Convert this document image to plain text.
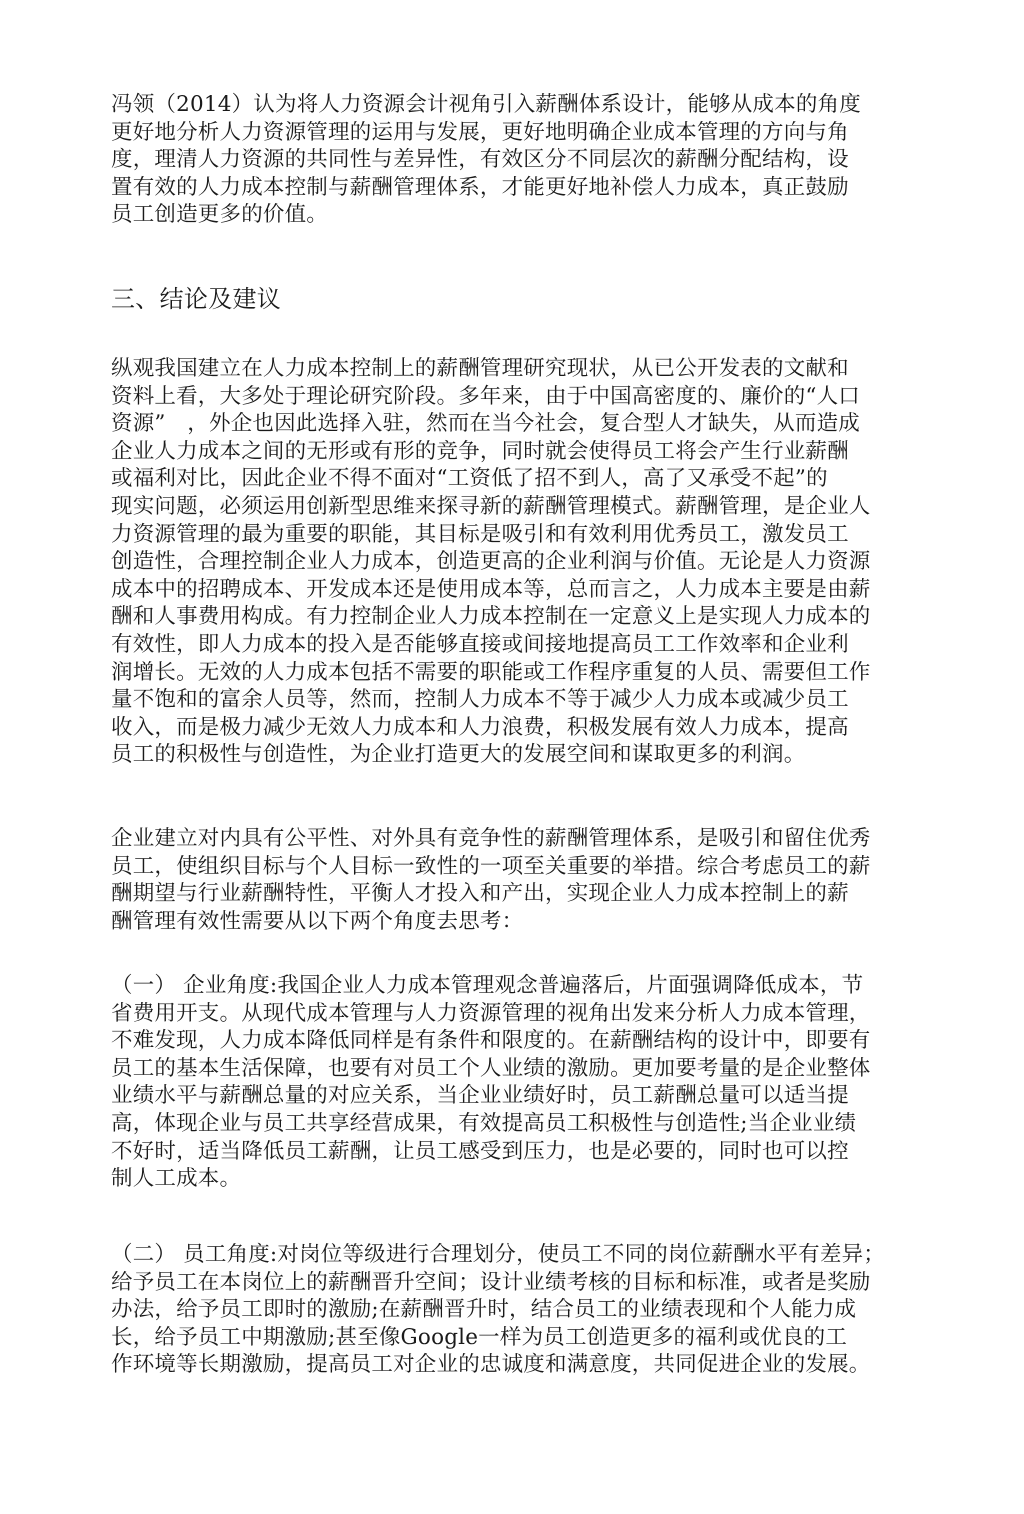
冯领（2014）认为将人力资源会计视角引入薪酬体系设计，能够从成本的角度
更好地分析人力资源管理的运用与发展，更好地明确企业成本管理的方向与角
度，理清人力资源的共同性与差异性，有效区分不同层次的薪酬分配结构，设
置有效的人力成本控制与薪酬管理体系，才能更好地补偿人力成本，真正鼓励
员工创造更多的价值。

三、结论及建议

纵观我国建立在人力成本控制上的薪酬管理研究现状，从已公开发表的文献和
资料上看，大多处于理论研究阶段。多年来，由于中国高密度的、廉价的“人口
资源”　，外企也因此选择入驻，然而在当今社会，复合型人才缺失，从而造成
企业人力成本之间的无形或有形的竞争，同时就会使得员工将会产生行业薪酬
或福利对比，因此企业不得不面对“工资低了招不到人，高了又承受不起”的
现实问题，必须运用创新型思维来探寻新的薪酬管理模式。薪酬管理，是企业人
力资源管理的最为重要的职能，其目标是吸引和有效利用优秀员工，激发员工
创造性，合理控制企业人力成本，创造更高的企业利润与价值。无论是人力资源
成本中的招聘成本、开发成本还是使用成本等，总而言之，人力成本主要是由薪
酬和人事费用构成。有力控制企业人力成本控制在一定意义上是实现人力成本的
有效性，即人力成本的投入是否能够直接或间接地提高员工工作效率和企业利
润增长。无效的人力成本包括不需要的职能或工作程序重复的人员、需要但工作
量不饱和的富余人员等，然而，控制人力成本不等于减少人力成本或减少员工
收入，而是极力减少无效人力成本和人力浪费，积极发展有效人力成本，提高
员工的积极性与创造性，为企业打造更大的发展空间和谋取更多的利润。

企业建立对内具有公平性、对外具有竞争性的薪酬管理体系，是吸引和留住优秀
员工，使组织目标与个人目标一致性的一项至关重要的举措。综合考虑员工的薪
酬期望与行业薪酬特性，平衡人才投入和产出，实现企业人力成本控制上的薪
酬管理有效性需要从以下两个角度去思考：

（一） 企业角度:我国企业人力成本管理观念普遍落后，片面强调降低成本，节
省费用开支。从现代成本管理与人力资源管理的视角出发来分析人力成本管理，
不难发现，人力成本降低同样是有条件和限度的。在薪酬结构的设计中，即要有
员工的基本生活保障，也要有对员工个人业绩的激励。更加要考量的是企业整体
业绩水平与薪酬总量的对应关系，当企业业绩好时，员工薪酬总量可以适当提
高，体现企业与员工共享经营成果，有效提高员工积极性与创造性;当企业业绩
不好时，适当降低员工薪酬，让员工感受到压力，也是必要的，同时也可以控
制人工成本。

（二） 员工角度:对岗位等级进行合理划分，使员工不同的岗位薪酬水平有差异；
给予员工在本岗位上的薪酬晋升空间；设计业绩考核的目标和标准，或者是奖励
办法，给予员工即时的激励;在薪酬晋升时，结合员工的业绩表现和个人能力成
长，给予员工中期激励;甚至像Google一样为员工创造更多的福利或优良的工
作环境等长期激励，提高员工对企业的忠诚度和满意度，共同促进企业的发展。
